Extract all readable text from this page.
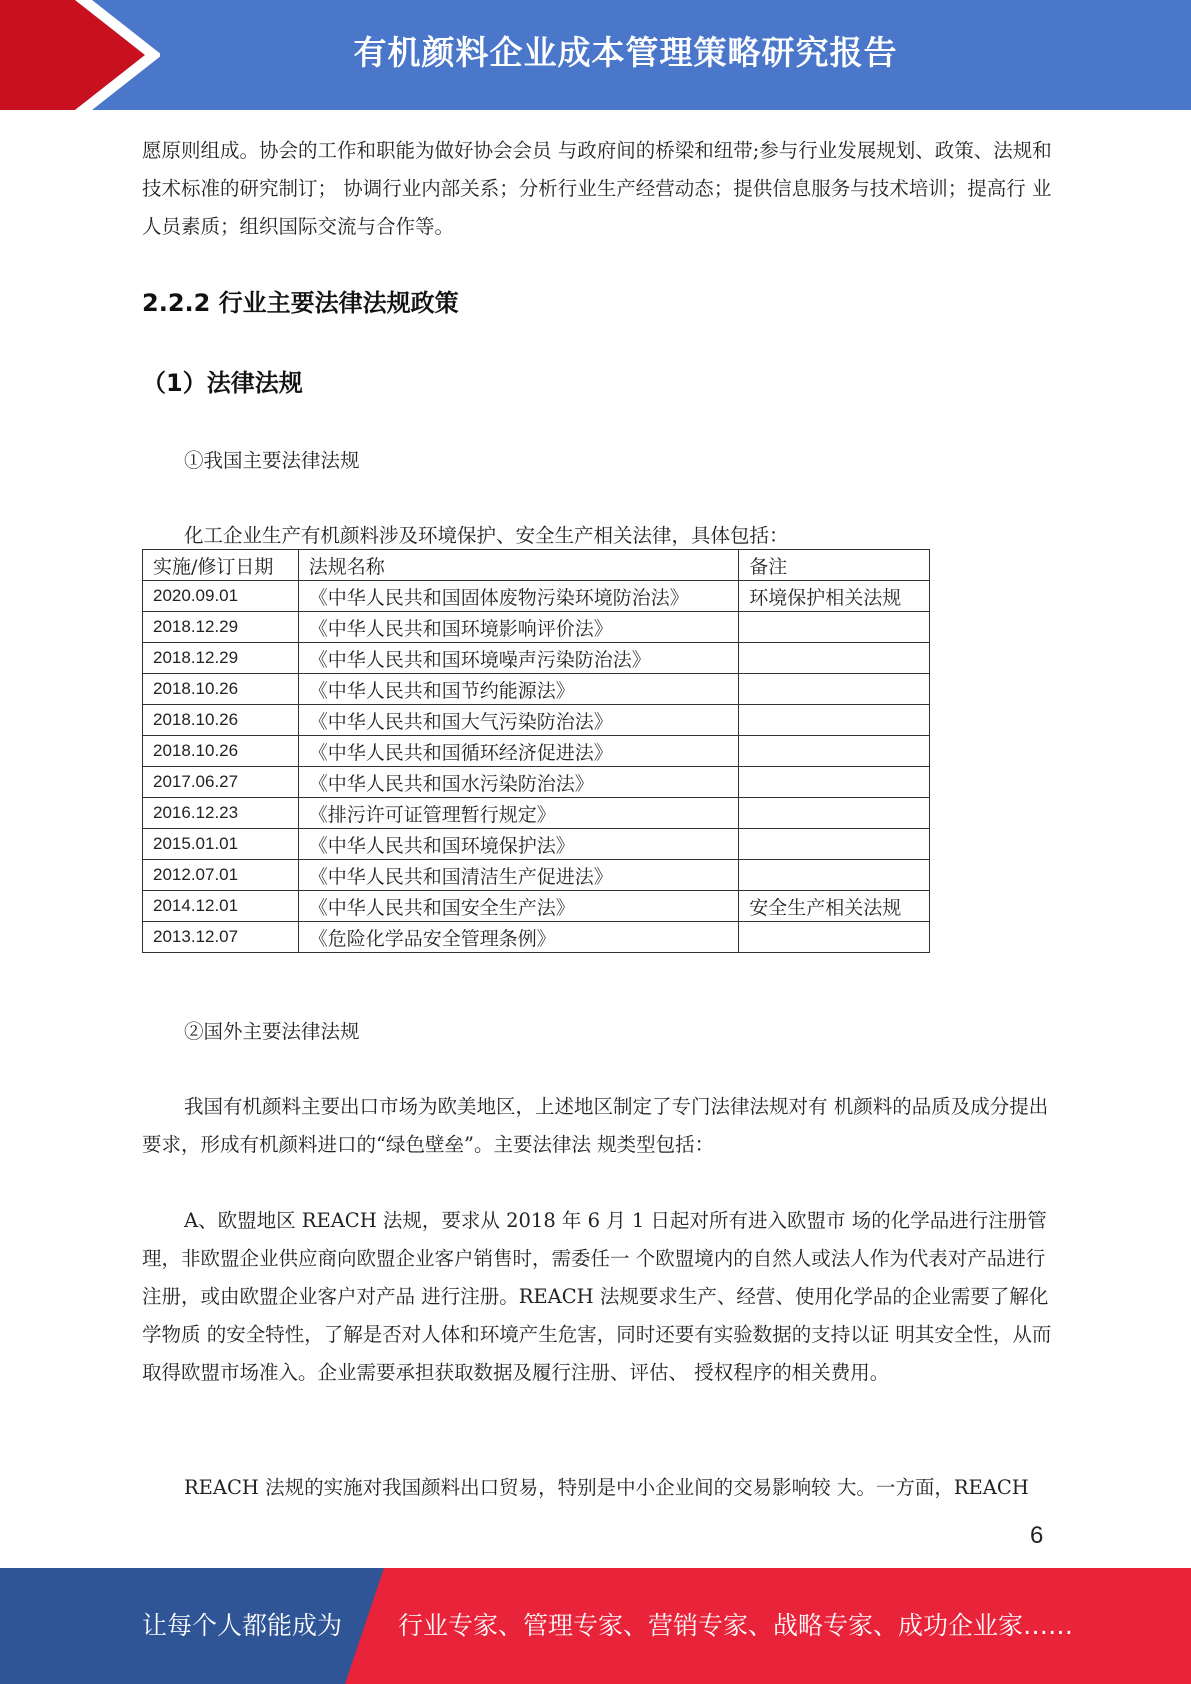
有机颜料企业成本管理策略研究报告

愿原则组成。协会的工作和职能为做好协会会员 与政府间的桥梁和纽带;参与行业发展规划、政策、法规和技术标准的研究制订； 协调行业内部关系；分析行业生产经营动态；提供信息服务与技术培训；提高行 业人员素质；组织国际交流与合作等。

2.2.2 行业主要法律法规政策
（1）法律法规

①我国主要法律法规

化工企业生产有机颜料涉及环境保护、安全生产相关法律，具体包括：

实施/修订日期	法规名称	备注
2020.09.01	《中华人民共和国固体废物污染环境防治法》	环境保护相关法规
2018.12.29	《中华人民共和国环境影响评价法》	
2018.12.29	《中华人民共和国环境噪声污染防治法》	
2018.10.26	《中华人民共和国节约能源法》	
2018.10.26	《中华人民共和国大气污染防治法》	
2018.10.26	《中华人民共和国循环经济促进法》	
2017.06.27	《中华人民共和国水污染防治法》	
2016.12.23	《排污许可证管理暂行规定》	
2015.01.01	《中华人民共和国环境保护法》	
2012.07.01	《中华人民共和国清洁生产促进法》	
2014.12.01	《中华人民共和国安全生产法》	安全生产相关法规
2013.12.07	《危险化学品安全管理条例》	

②国外主要法律法规

我国有机颜料主要出口市场为欧美地区，上述地区制定了专门法律法规对有 机颜料的品质及成分提出要求，形成有机颜料进口的“绿色壁垒”。主要法律法 规类型包括：

A、欧盟地区 REACH 法规，要求从 2018 年 6 月 1 日起对所有进入欧盟市 场的化学品进行注册管理，非欧盟企业供应商向欧盟企业客户销售时，需委任一 个欧盟境内的自然人或法人作为代表对产品进行注册，或由欧盟企业客户对产品 进行注册。REACH 法规要求生产、经营、使用化学品的企业需要了解化学物质 的安全特性，了解是否对人体和环境产生危害，同时还要有实验数据的支持以证 明其安全性，从而取得欧盟市场准入。企业需要承担获取数据及履行注册、评估、 授权程序的相关费用。

REACH 法规的实施对我国颜料出口贸易，特别是中小企业间的交易影响较 大。一方面，REACH

6
让每个人都能成为 行业专家、管理专家、营销专家、战略专家、成功企业家……
